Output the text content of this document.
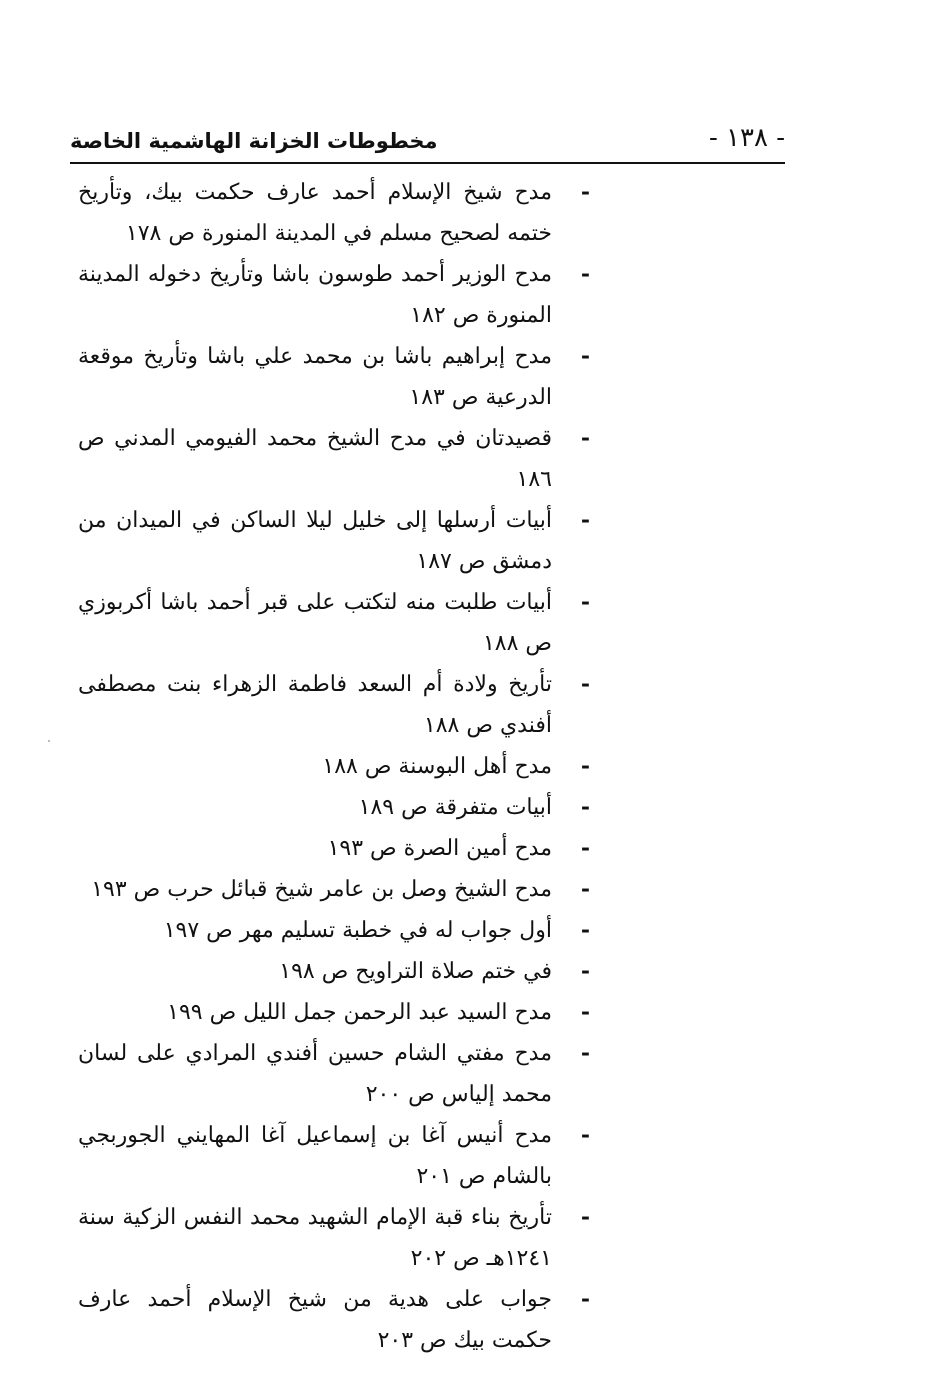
- ١٣٨ -
مخطوطات الخزانة الهاشمية الخاصة
-
مدح شيخ الإسلام أحمد عارف حكمت بيك، وتأريخ ختمه لصحيح مسلم في المدينة المنورة ص ١٧٨
-
مدح الوزير أحمد طوسون باشا وتأريخ دخوله المدينة المنورة ص ١٨٢
-
مدح إبراهيم باشا بن محمد علي باشا وتأريخ موقعة الدرعية ص ١٨٣
-
قصيدتان في مدح الشيخ محمد الفيومي المدني ص ١٨٦
-
أبيات أرسلها إلى خليل ليلا الساكن في الميدان من دمشق ص ١٨٧
-
أبيات طلبت منه لتكتب على قبر أحمد باشا أكربوزي ص ١٨٨
-
تأريخ ولادة أم السعد فاطمة الزهراء بنت مصطفى أفندي ص ١٨٨
-
مدح أهل البوسنة ص ١٨٨
-
أبيات متفرقة ص ١٨٩
-
مدح أمين الصرة ص ١٩٣
-
مدح الشيخ وصل بن عامر شيخ قبائل حرب ص ١٩٣
-
أول جواب له في خطبة تسليم مهر ص ١٩٧
-
في ختم صلاة التراويح ص ١٩٨
-
مدح السيد عبد الرحمن جمل الليل ص ١٩٩
-
مدح مفتي الشام حسين أفندي المرادي على لسان محمد إلياس ص ٢٠٠
-
مدح أنيس آغا بن إسماعيل آغا المهايني الجوربجي بالشام ص ٢٠١
-
تأريخ بناء قبة الإمام الشهيد محمد النفس الزكية سنة ١٢٤١هـ ص ٢٠٢
-
جواب على هدية من شيخ الإسلام أحمد عارف حكمت بيك ص ٢٠٣
